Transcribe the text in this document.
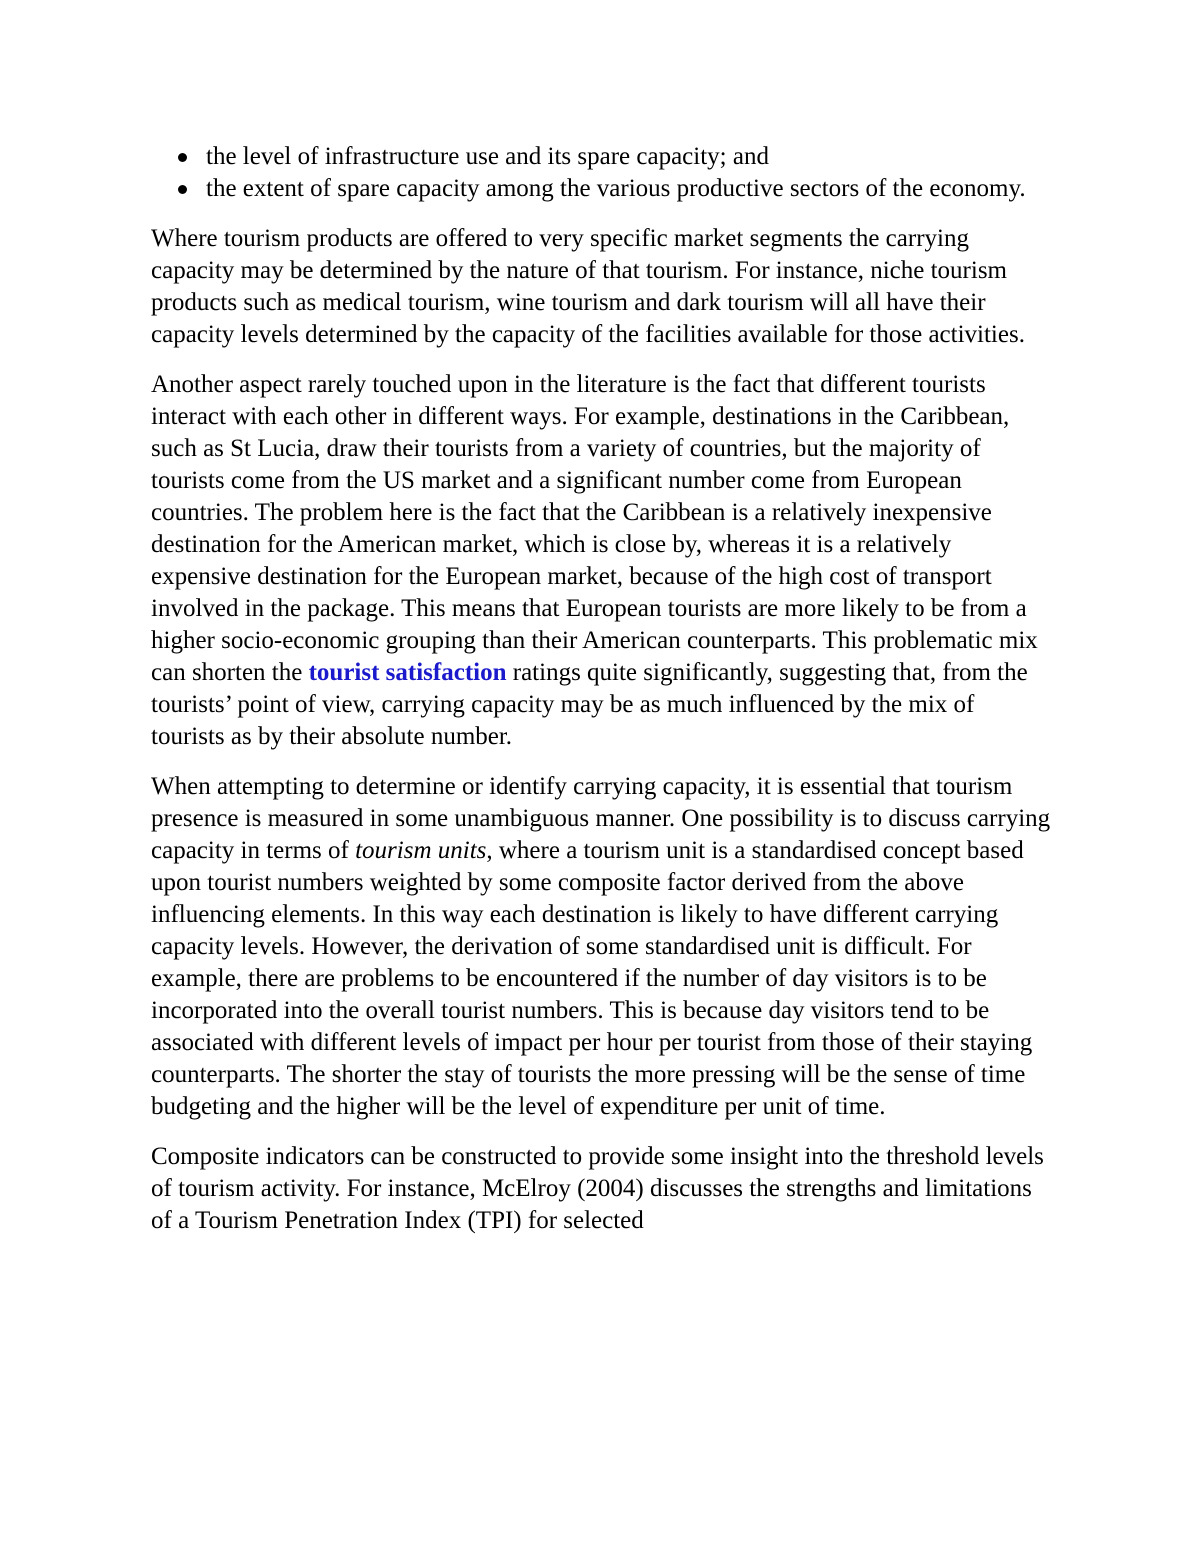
the level of infrastructure use and its spare capacity; and
the extent of spare capacity among the various productive sectors of the economy.

Where tourism products are offered to very specific market segments the carrying capacity may be determined by the nature of that tourism. For instance, niche tourism products such as medical tourism, wine tourism and dark tourism will all have their capacity levels determined by the capacity of the facilities available for those activities.

Another aspect rarely touched upon in the literature is the fact that different tourists interact with each other in different ways. For example, destinations in the Caribbean, such as St Lucia, draw their tourists from a variety of countries, but the majority of tourists come from the US market and a significant number come from European countries. The problem here is the fact that the Caribbean is a relatively inexpensive destination for the American market, which is close by, whereas it is a relatively expensive destination for the European market, because of the high cost of transport involved in the package. This means that European tourists are more likely to be from a higher socio-economic grouping than their American counterparts. This problematic mix can shorten the tourist satisfaction ratings quite significantly, suggesting that, from the tourists’ point of view, carrying capacity may be as much influenced by the mix of tourists as by their absolute number.

When attempting to determine or identify carrying capacity, it is essential that tourism presence is measured in some unambiguous manner. One possibility is to discuss carrying capacity in terms of tourism units, where a tourism unit is a standardised concept based upon tourist numbers weighted by some composite factor derived from the above influencing elements. In this way each destination is likely to have different carrying capacity levels. However, the derivation of some standardised unit is difficult. For example, there are problems to be encountered if the number of day visitors is to be incorporated into the overall tourist numbers. This is because day visitors tend to be associated with different levels of impact per hour per tourist from those of their staying counterparts. The shorter the stay of tourists the more pressing will be the sense of time budgeting and the higher will be the level of expenditure per unit of time.

Composite indicators can be constructed to provide some insight into the threshold levels of tourism activity. For instance, McElroy (2004) discusses the strengths and limitations of a Tourism Penetration Index (TPI) for selected
